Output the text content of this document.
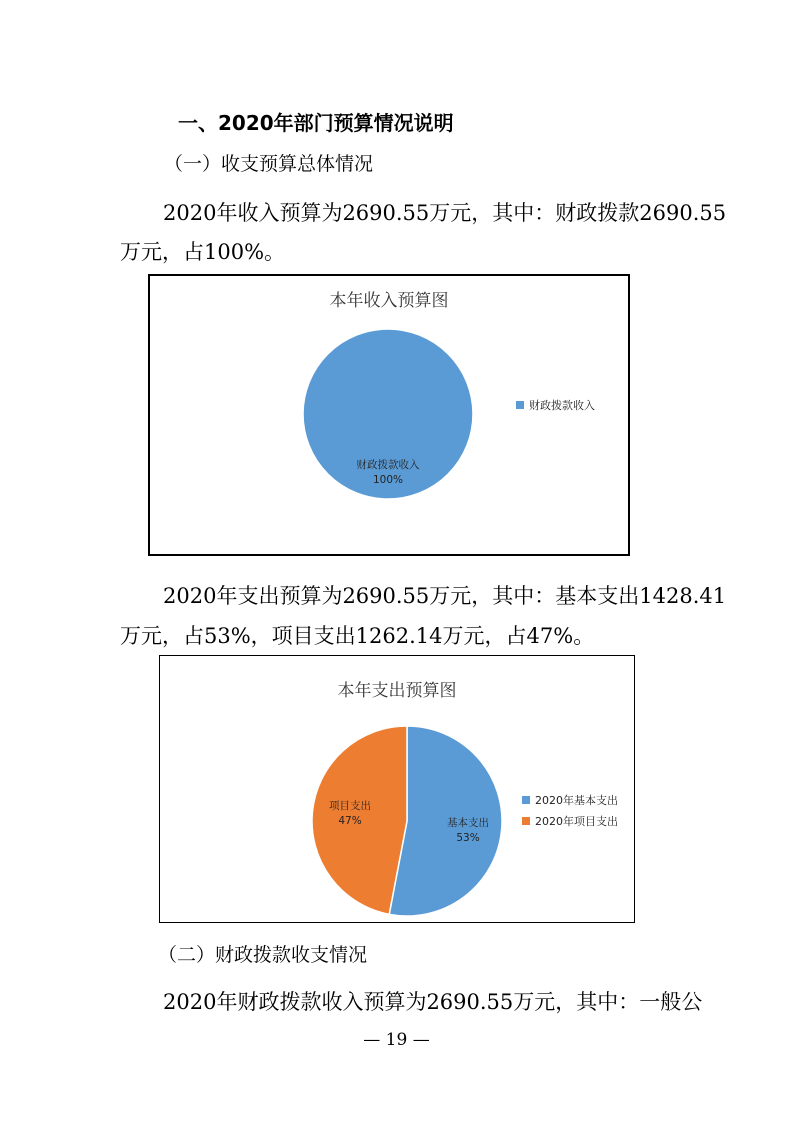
一、2020年部门预算情况说明
（一）收支预算总体情况
2020年收入预算为2690.55万元，其中：财政拨款2690.55
万元，占100%。
本年收入预算图
财政拨款收入
100%
财政拨款收入
2020年支出预算为2690.55万元，其中：基本支出1428.41
万元，占53%，项目支出1262.14万元，占47%。
本年支出预算图
基本支出
53%
项目支出
47%
2020年基本支出
2020年项目支出
（二）财政拨款收支情况
2020年财政拨款收入预算为2690.55万元，其中：一般公
— 19 —
